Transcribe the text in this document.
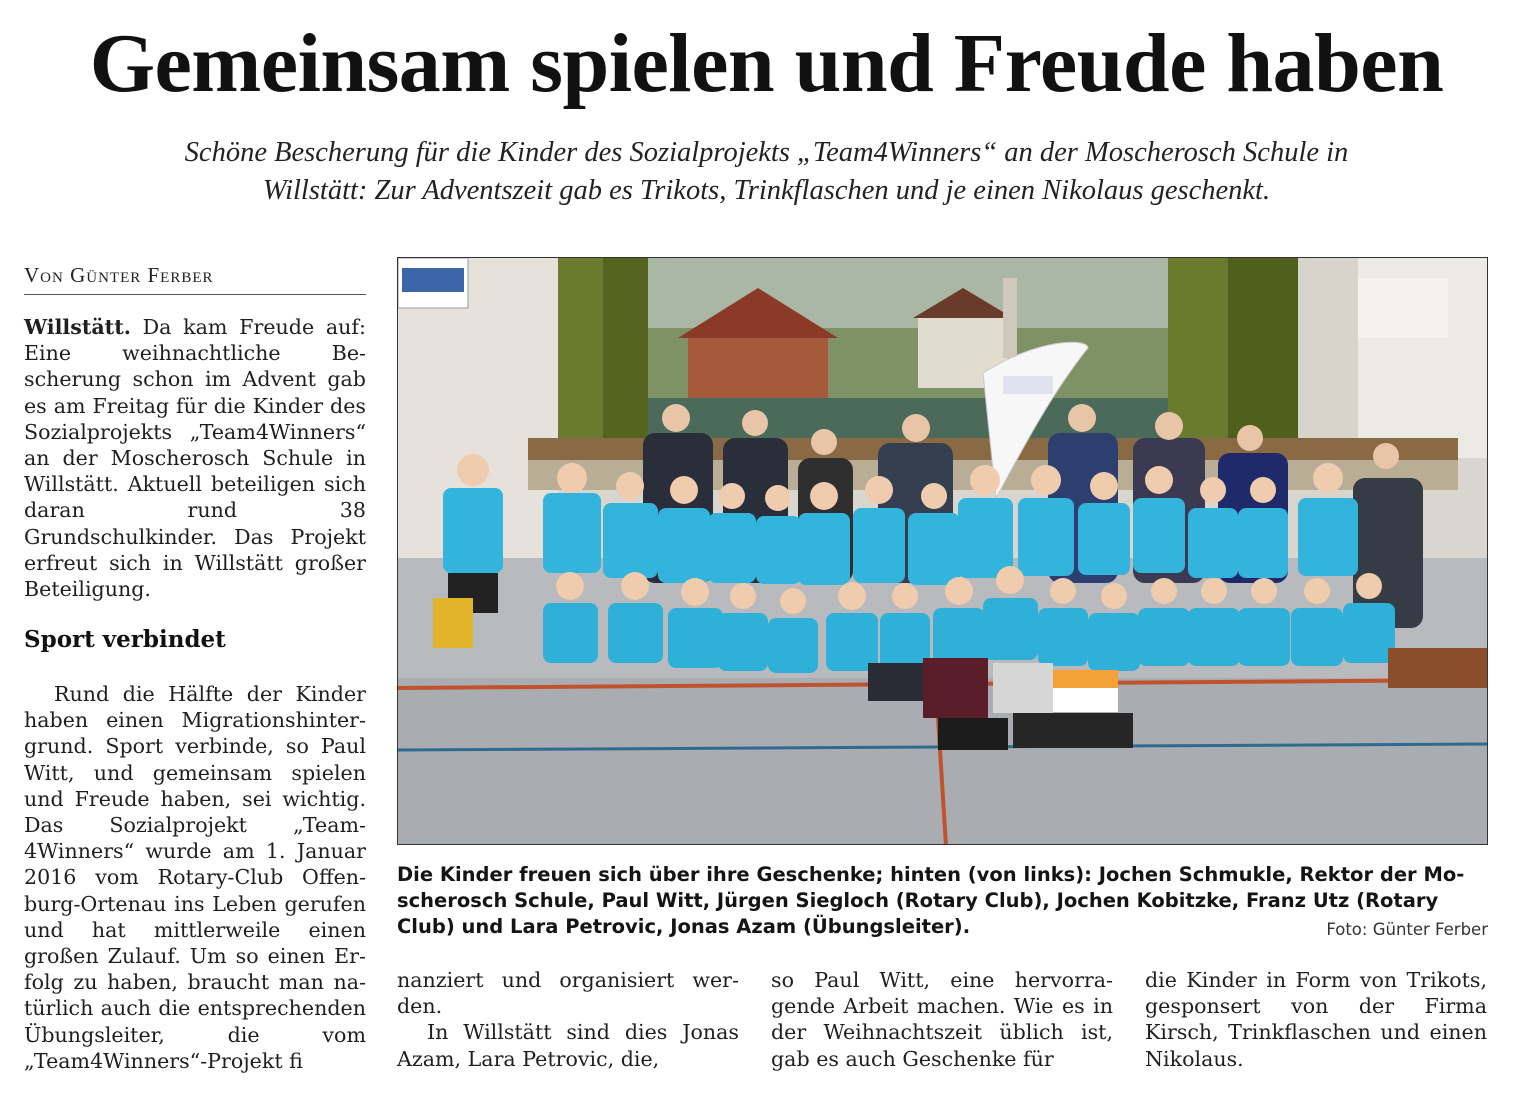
Gemeinsam spielen und Freude haben
Schöne Bescherung für die Kinder des Sozialprojekts „Team4Winners“ an der Moscherosch Schule in
Willstätt: Zur Adventszeit gab es Trikots, Trinkflaschen und je einen Nikolaus geschenkt.
Von Günter Ferber

Willstätt. Da kam Freude auf: Eine weihnachtliche Bescherung schon im Advent gab es am Freitag für die Kinder des Sozialprojekts „Team4Winners“ an der Moscherosch Schule in Willstätt. Aktuell beteiligen sich daran rund 38 Grundschulkinder. Das Projekt erfreut sich in Willstätt großer Beteiligung.

Sport verbindet

Rund die Hälfte der Kinder haben einen Migrationshintergrund. Sport verbinde, so Paul Witt, und gemeinsam spielen und Freude haben, sei wichtig. Das Sozialprojekt „Team4Winners“ wurde am 1. Januar 2016 vom Rotary-Club Offenburg-Ortenau ins Leben gerufen und hat mittlerweile einen großen Zulauf. Um so einen Erfolg zu haben, braucht man natürlich auch die entsprechenden Übungsleiter, die vom „Team4Winners“-Projekt fi

nanziert und organisiert werden.

In Willstätt sind dies Jonas Azam, Lara Petrovic, die,

so Paul Witt, eine hervorragende Arbeit machen. Wie es in der Weihnachtszeit üblich ist, gab es auch Geschenke für

die Kinder in Form von Trikots, gesponsert von der Firma Kirsch, Trinkflaschen und einen Nikolaus.

Die Kinder freuen sich über ihre Geschenke; hinten (von links): Jochen Schmukle, Rektor der Mo-
scherosch Schule, Paul Witt, Jürgen Siegloch (Rotary Club), Jochen Kobitzke, Franz Utz (Rotary
Club) und Lara Petrovic, Jonas Azam (Übungsleiter).	Foto: Günter Ferber
